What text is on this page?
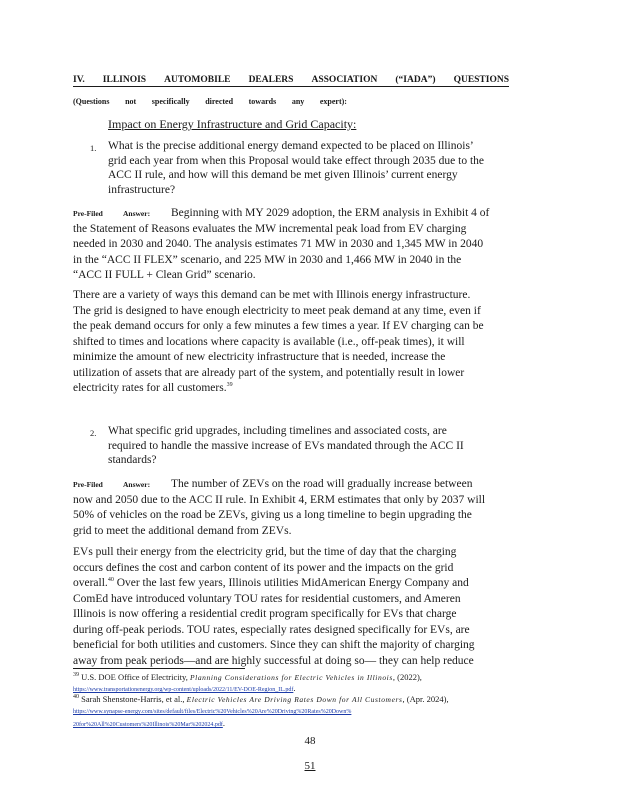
IV. ILLINOIS AUTOMOBILE DEALERS ASSOCIATION (“IADA”) QUESTIONS
(Questions not specifically directed towards any expert):
Impact on Energy Infrastructure and Grid Capacity:
1. What is the precise additional energy demand expected to be placed on Illinois’
grid each year from when this Proposal would take effect through 2035 due to the
ACC II rule, and how will this demand be met given Illinois’ current energy
infrastructure?
Pre-Filed	Answer: Beginning with MY 2029 adoption, the ERM analysis in Exhibit 4 of
the Statement of Reasons evaluates the MW incremental peak load from EV charging
needed in 2030 and 2040. The analysis estimates 71 MW in 2030 and 1,345 MW in 2040
in the “ACC II FLEX” scenario, and 225 MW in 2030 and 1,466 MW in 2040 in the
“ACC II FULL + Clean Grid” scenario.
There are a variety of ways this demand can be met with Illinois energy infrastructure.
The grid is designed to have enough electricity to meet peak demand at any time, even if
the peak demand occurs for only a few minutes a few times a year. If EV charging can be
shifted to times and locations where capacity is available (i.e., off-peak times), it will
minimize the amount of new electricity infrastructure that is needed, increase the
utilization of assets that are already part of the system, and potentially result in lower
electricity rates for all customers.$^{39}$
2. What specific grid upgrades, including timelines and associated costs, are
required to handle the massive increase of EVs mandated through the ACC II
standards?
Pre-Filed	Answer: The number of ZEVs on the road will gradually increase between
now and 2050 due to the ACC II rule. In Exhibit 4, ERM estimates that only by 2037 will
50% of vehicles on the road be ZEVs, giving us a long timeline to begin upgrading the
grid to meet the additional demand from ZEVs.
EVs pull their energy from the electricity grid, but the time of day that the charging
occurs defines the cost and carbon content of its power and the impacts on the grid
overall.$^{40}$ Over the last few years, Illinois utilities MidAmerican Energy Company and
ComEd have introduced voluntary TOU rates for residential customers, and Ameren
Illinois is now offering a residential credit program specifically for EVs that charge
during off-peak periods. TOU rates, especially rates designed specifically for EVs, are
beneficial for both utilities and customers. Since they can shift the majority of charging
away from peak periods—and are highly successful at doing so— they can help reduce
$^{39}$ U.S. DOE Office of Electricity, Planning Considerations for Electric Vehicles in Illinois, (2022),
https://www.transportationenergy.org/wp-content/uploads/2022/11/EV-DOE-Region_IL.pdf.
$^{40}$ Sarah Shenstone-Harris, et al., Electric Vehicles Are Driving Rates Down for All Customers, (Apr. 2024),
https://www.synapse-energy.com/sites/default/files/Electric%20Vehicles%20Are%20Driving%20Rates%20Down%
20for%20All%20Customers%20Illinois%20Mar%202024.pdf.
48
51
